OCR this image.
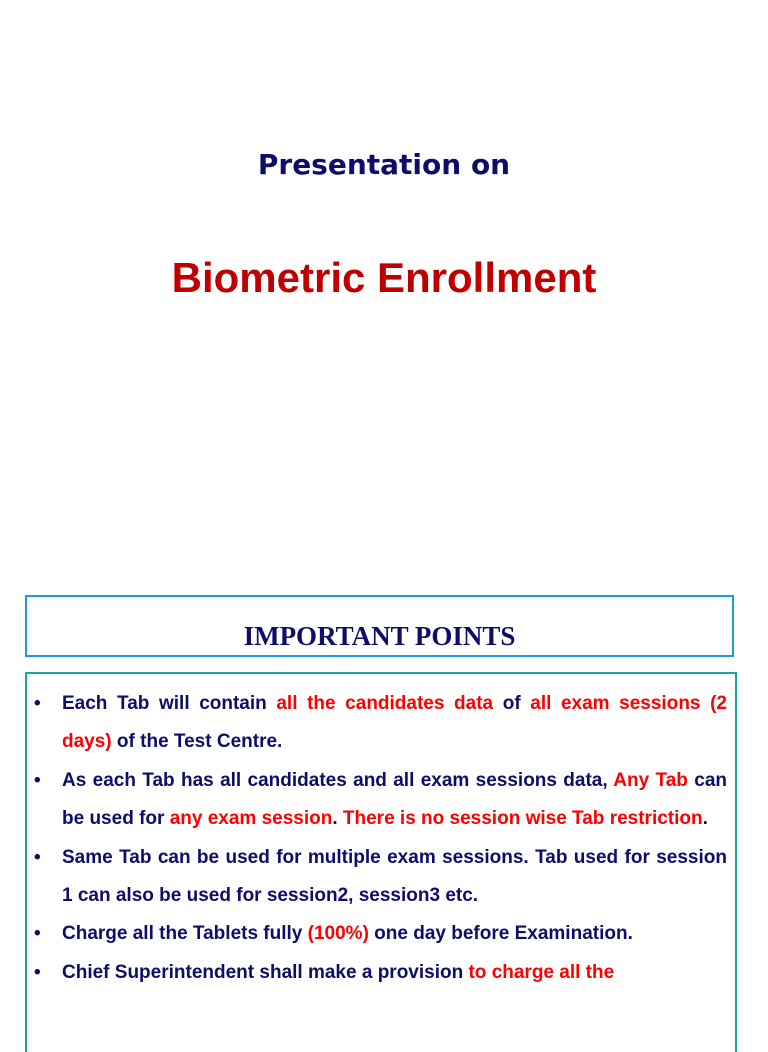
Presentation on
Biometric Enrollment
IMPORTANT POINTS
• Each Tab will contain all the candidates data of all exam sessions (2 days) of the Test Centre.
• As each Tab has all candidates and all exam sessions data, Any Tab can be used for any exam session. There is no session wise Tab restriction.
• Same Tab can be used for multiple exam sessions. Tab used for session 1 can also be used for session2, session3 etc.
• Charge all the Tablets fully (100%) one day before Examination.
• Chief Superintendent shall make a provision to charge all the
